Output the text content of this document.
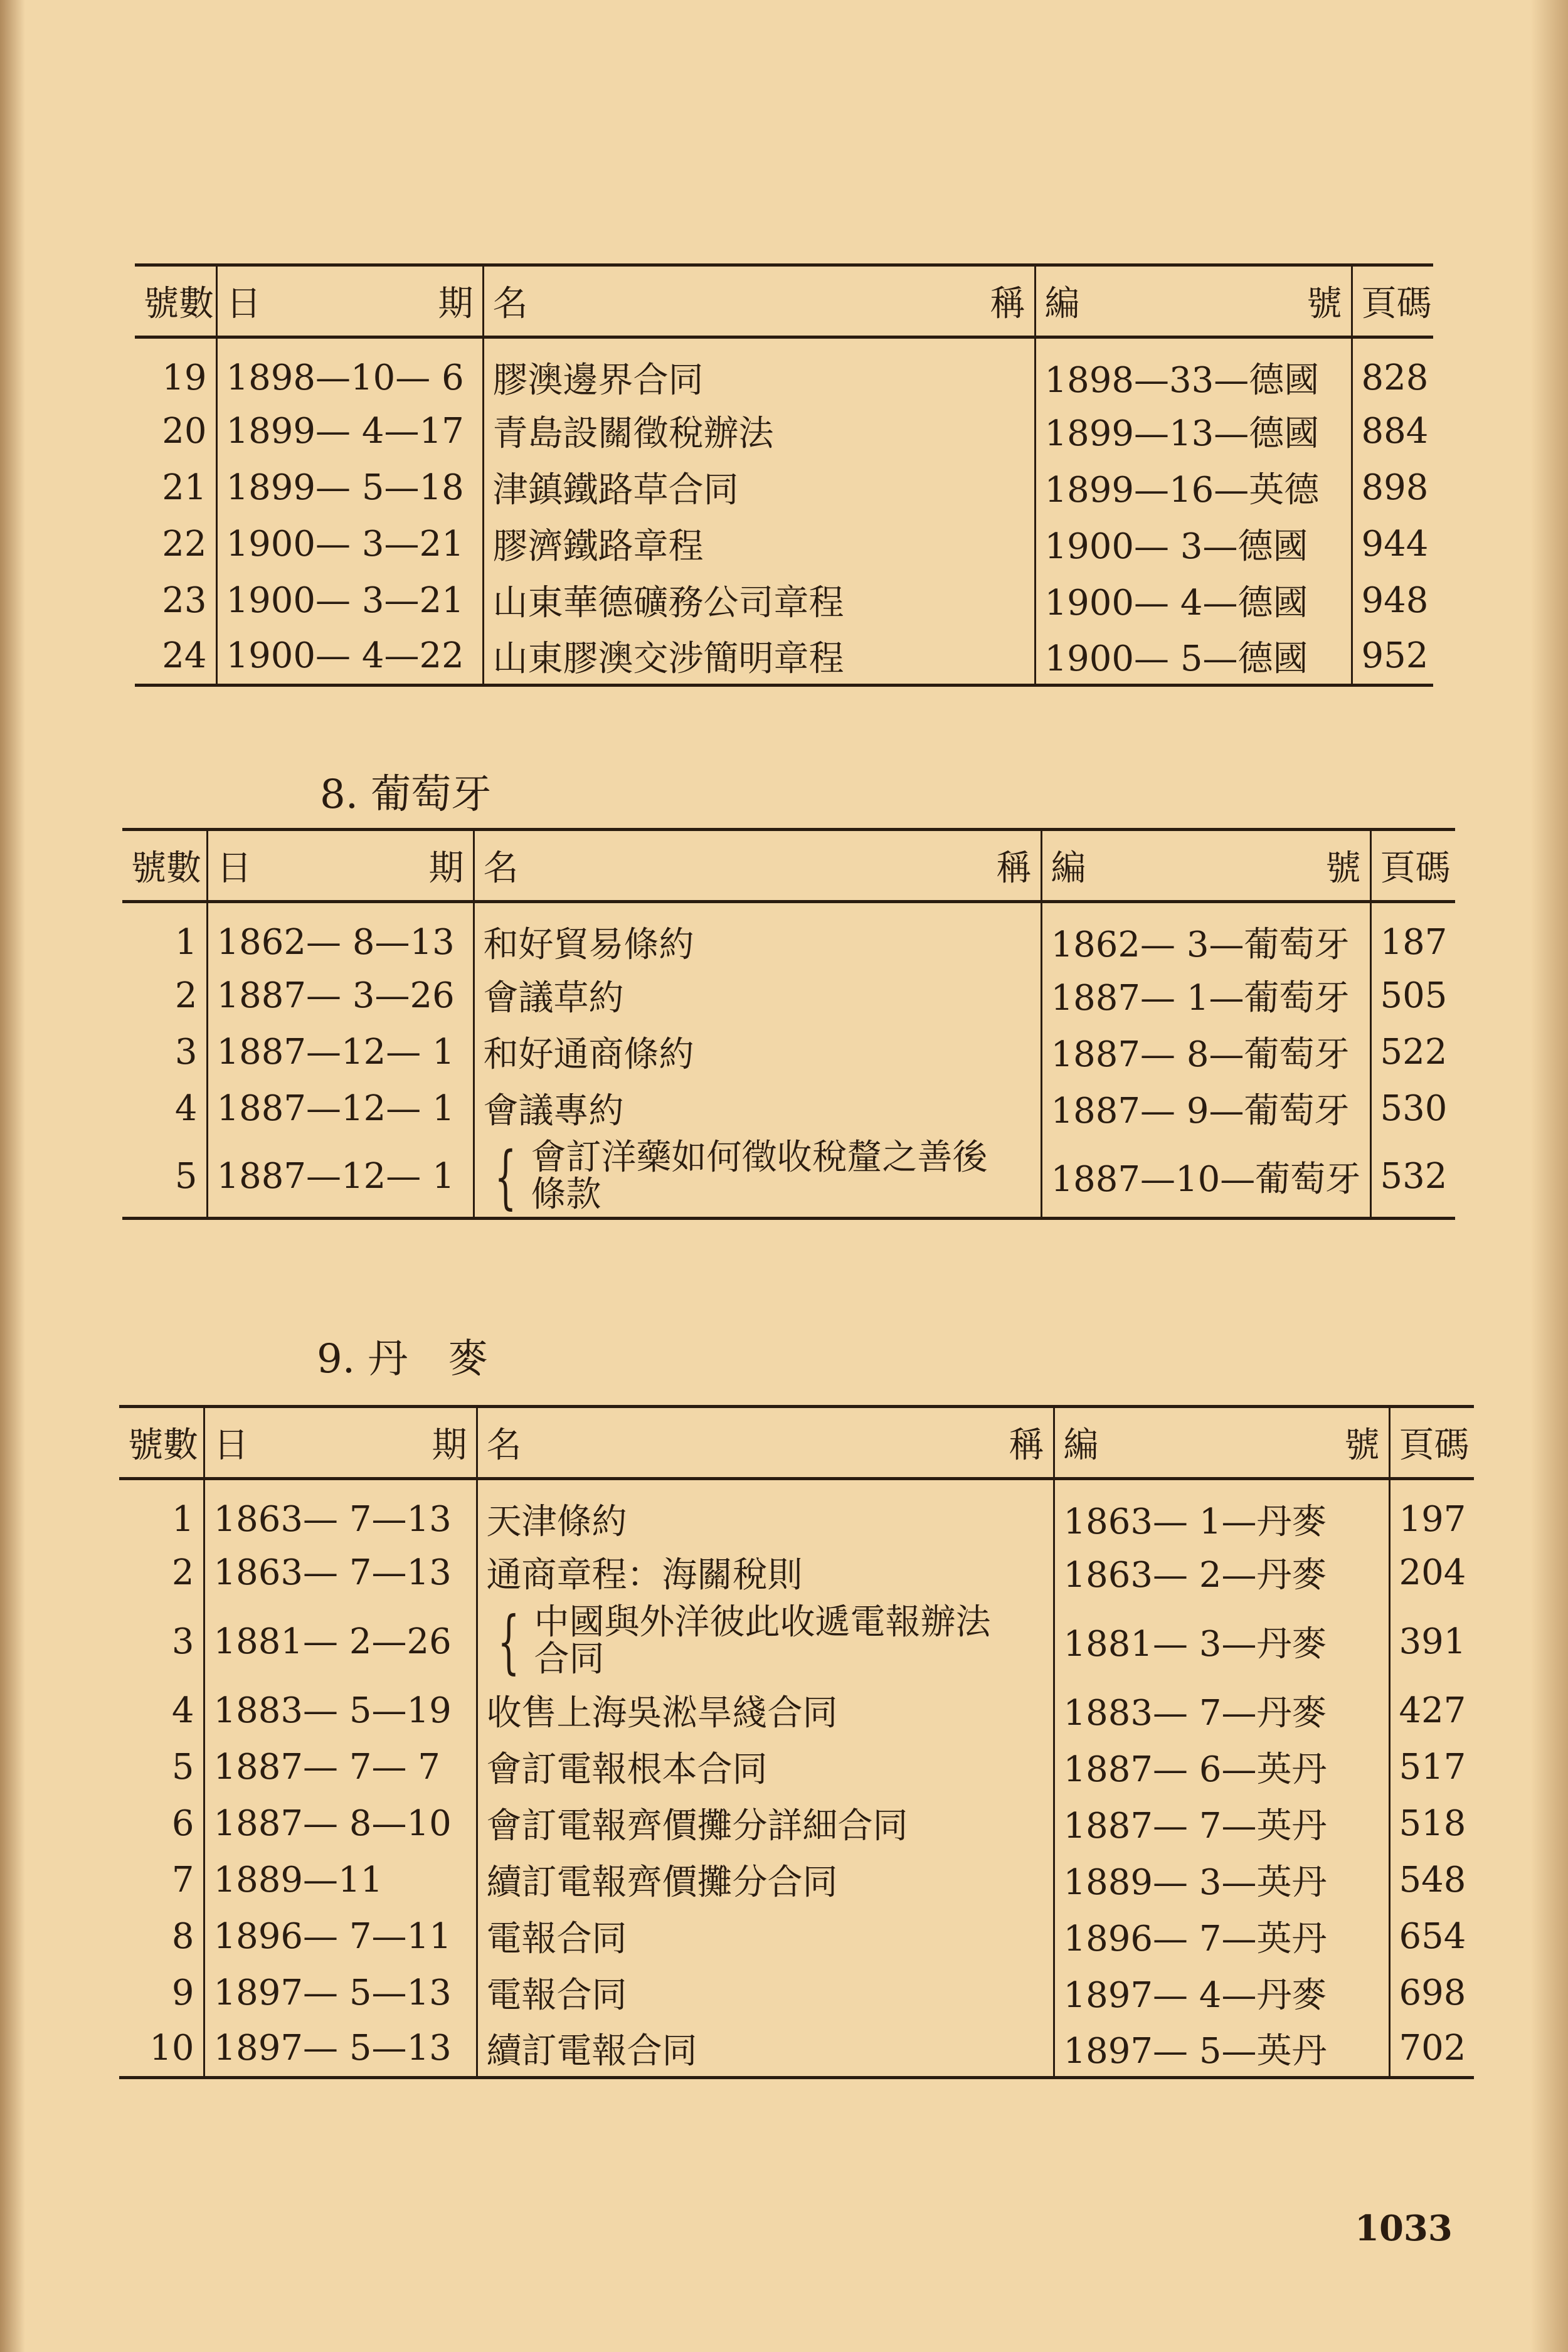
號數	日 期	名 稱	編 號	頁碼
19	1898—10— 6	膠澳邊界合同	1898—33—德國	828
20	1899— 4—17	青島設關徵稅辦法	1899—13—德國	884
21	1899— 5—18	津鎮鐵路草合同	1899—16—英德	898
22	1900— 3—21	膠濟鐵路章程	1900— 3—德國	944
23	1900— 3—21	山東華德礦務公司章程	1900— 4—德國	948
24	1900— 4—22	山東膠澳交涉簡明章程	1900— 5—德國	952
8. 葡萄牙
號數	日 期	名 稱	編 號	頁碼
1	1862— 8—13	和好貿易條約	1862— 3—葡萄牙	187
2	1887— 3—26	會議草約	1887— 1—葡萄牙	505
3	1887—12— 1	和好通商條約	1887— 8—葡萄牙	522
4	1887—12— 1	會議專約	1887— 9—葡萄牙	530
5	1887—12— 1	{ 會訂洋藥如何徵收稅釐之善後
條款	1887—10—葡萄牙	532
9. 丹　麥
號數	日 期	名 稱	編 號	頁碼
1	1863— 7—13	天津條約	1863— 1—丹麥	197
2	1863— 7—13	通商章程：海關稅則	1863— 2—丹麥	204
3	1881— 2—26	{ 中國與外洋彼此收遞電報辦法
合同	1881— 3—丹麥	391
4	1883— 5—19	收售上海吳淞旱綫合同	1883— 7—丹麥	427
5	1887— 7— 7	會訂電報根本合同	1887— 6—英丹	517
6	1887— 8—10	會訂電報齊價攤分詳細合同	1887— 7—英丹	518
7	1889—11	續訂電報齊價攤分合同	1889— 3—英丹	548
8	1896— 7—11	電報合同	1896— 7—英丹	654
9	1897— 5—13	電報合同	1897— 4—丹麥	698
10	1897— 5—13	續訂電報合同	1897— 5—英丹	702
1033
